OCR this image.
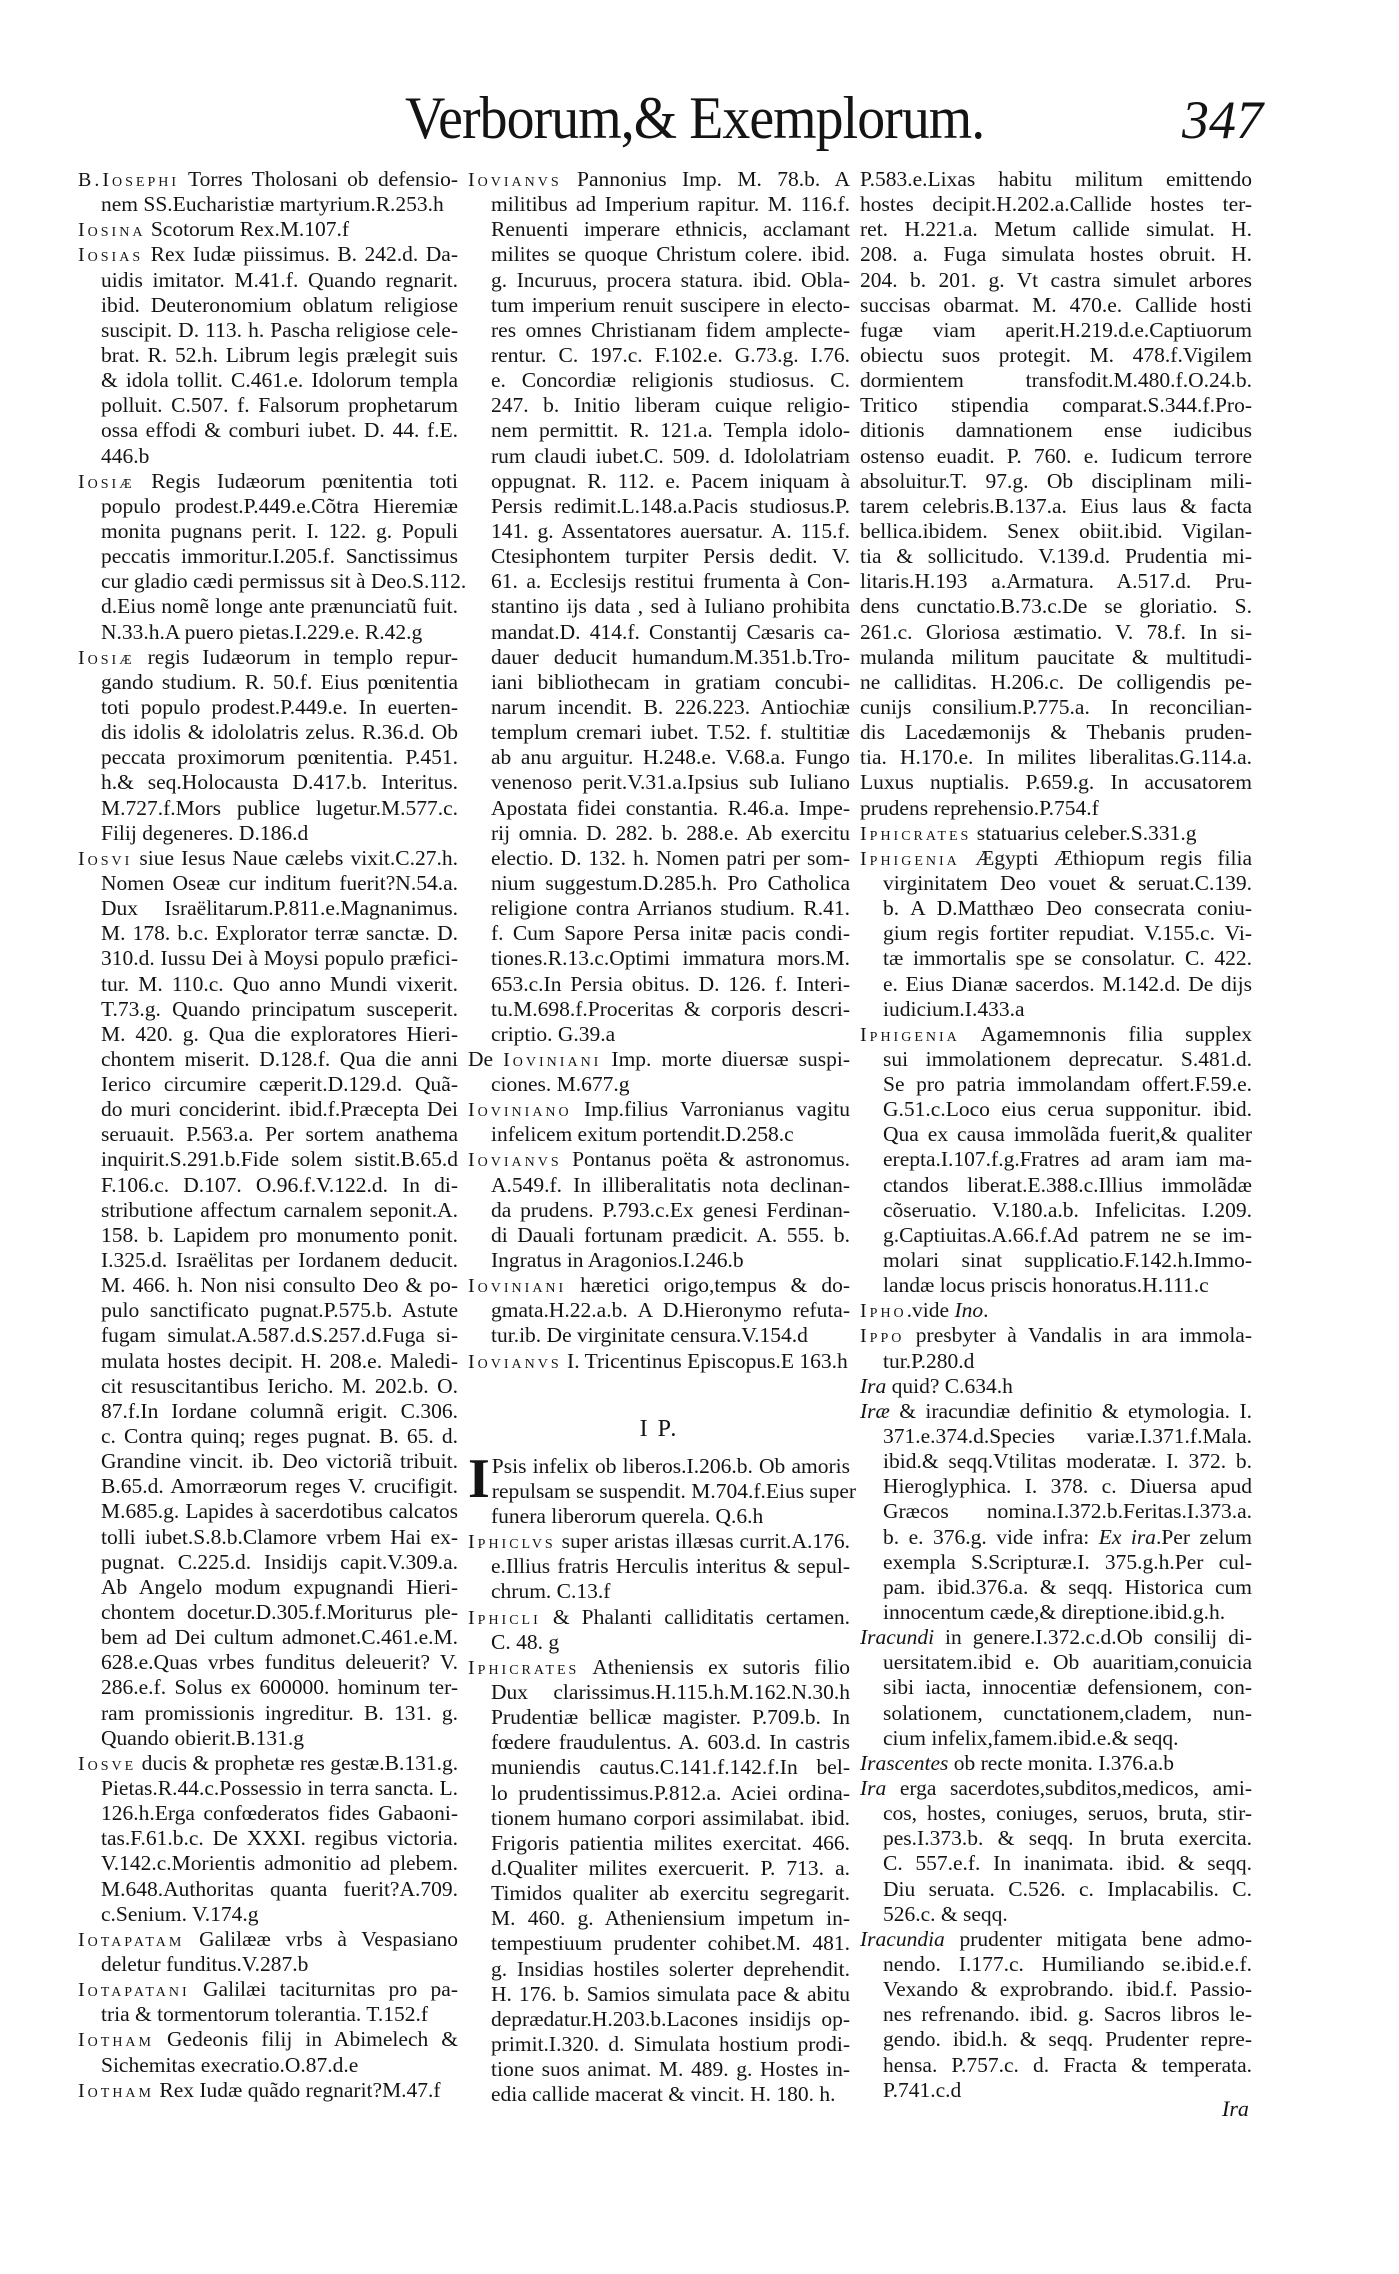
Verborum,& Exemplorum.	347
B.Iosephi Torres Tholosani ob defensio-
nem SS.Eucharistiæ martyrium.R.253.h
Iosina Scotorum Rex.M.107.f
Iosias Rex Iudæ piissimus. B. 242.d. Da-
uidis imitator. M.41.f. Quando regnarit.
ibid. Deuteronomium oblatum religiose
suscipit. D. 113. h. Pascha religiose cele-
brat. R. 52.h. Librum legis prælegit suis
& idola tollit. C.461.e. Idolorum templa
polluit. C.507. f. Falsorum prophetarum
ossa effodi & comburi iubet. D. 44. f.E.
446.b
Iosiæ Regis Iudæorum pœnitentia toti
populo prodest.P.449.e.Cõtra Hieremiæ
monita pugnans perit. I. 122. g. Populi
peccatis immoritur.I.205.f. Sanctissimus
cur gladio cædi permissus sit à Deo.S.112.
d.Eius nomẽ longe ante prænunciatũ fuit.
N.33.h.A puero pietas.I.229.e. R.42.g
Iosiæ regis Iudæorum in templo repur-
gando studium. R. 50.f. Eius pœnitentia
toti populo prodest.P.449.e. In euerten-
dis idolis & idololatris zelus. R.36.d. Ob
peccata proximorum pœnitentia. P.451.
h.& seq.Holocausta D.417.b. Interitus.
M.727.f.Mors publice lugetur.M.577.c.
Filij degeneres. D.186.d
Iosvi siue Iesus Naue cælebs vixit.C.27.h.
Nomen Oseæ cur inditum fuerit?N.54.a.
Dux Israëlitarum.P.811.e.Magnanimus.
M. 178. b.c. Explorator terræ sanctæ. D.
310.d. Iussu Dei à Moysi populo præfici-
tur. M. 110.c. Quo anno Mundi vixerit.
T.73.g. Quando principatum susceperit.
M. 420. g. Qua die exploratores Hieri-
chontem miserit. D.128.f. Qua die anni
Ierico circumire cæperit.D.129.d. Quã-
do muri conciderint. ibid.f.Præcepta Dei
seruauit. P.563.a. Per sortem anathema
inquirit.S.291.b.Fide solem sistit.B.65.d
F.106.c. D.107. O.96.f.V.122.d. In di-
stributione affectum carnalem seponit.A.
158. b. Lapidem pro monumento ponit.
I.325.d. Israëlitas per Iordanem deducit.
M. 466. h. Non nisi consulto Deo & po-
pulo sanctificato pugnat.P.575.b. Astute
fugam simulat.A.587.d.S.257.d.Fuga si-
mulata hostes decipit. H. 208.e. Maledi-
cit resuscitantibus Iericho. M. 202.b. O.
87.f.In Iordane columnã erigit. C.306.
c. Contra quinq; reges pugnat. B. 65. d.
Grandine vincit. ib. Deo victoriã tribuit.
B.65.d. Amorræorum reges V. crucifigit.
M.685.g. Lapides à sacerdotibus calcatos
tolli iubet.S.8.b.Clamore vrbem Hai ex-
pugnat. C.225.d. Insidijs capit.V.309.a.
Ab Angelo modum expugnandi Hieri-
chontem docetur.D.305.f.Moriturus ple-
bem ad Dei cultum admonet.C.461.e.M.
628.e.Quas vrbes funditus deleuerit? V.
286.e.f. Solus ex 600000. hominum ter-
ram promissionis ingreditur. B. 131. g.
Quando obierit.B.131.g
Iosve ducis & prophetæ res gestæ.B.131.g.
Pietas.R.44.c.Possessio in terra sancta. L.
126.h.Erga confœderatos fides Gabaoni-
tas.F.61.b.c. De XXXI. regibus victoria.
V.142.c.Morientis admonitio ad plebem.
M.648.Authoritas quanta fuerit?A.709.
c.Senium. V.174.g
Iotapatam Galilææ vrbs à Vespasiano
deletur funditus.V.287.b
Iotapatani Galilæi taciturnitas pro pa-
tria & tormentorum tolerantia. T.152.f
Iotham Gedeonis filij in Abimelech &
Sichemitas execratio.O.87.d.e
Iotham Rex Iudæ quãdo regnarit?M.47.f
Iovianvs Pannonius Imp. M. 78.b. A
militibus ad Imperium rapitur. M. 116.f.
Renuenti imperare ethnicis, acclamant
milites se quoque Christum colere. ibid.
g. Incuruus, procera statura. ibid. Obla-
tum imperium renuit suscipere in electo-
res omnes Christianam fidem amplecte-
rentur. C. 197.c. F.102.e. G.73.g. I.76.
e. Concordiæ religionis studiosus. C.
247. b. Initio liberam cuique religio-
nem permittit. R. 121.a. Templa idolo-
rum claudi iubet.C. 509. d. Idololatriam
oppugnat. R. 112. e. Pacem iniquam à
Persis redimit.L.148.a.Pacis studiosus.P.
141. g. Assentatores auersatur. A. 115.f.
Ctesiphontem turpiter Persis dedit. V.
61. a. Ecclesijs restitui frumenta à Con-
stantino ijs data , sed à Iuliano prohibita
mandat.D. 414.f. Constantij Cæsaris ca-
dauer deducit humandum.M.351.b.Tro-
iani bibliothecam in gratiam concubi-
narum incendit. B. 226.223. Antiochiæ
templum cremari iubet. T.52. f. stultitiæ
ab anu arguitur. H.248.e. V.68.a. Fungo
venenoso perit.V.31.a.Ipsius sub Iuliano
Apostata fidei constantia. R.46.a. Impe-
rij omnia. D. 282. b. 288.e. Ab exercitu
electio. D. 132. h. Nomen patri per som-
nium suggestum.D.285.h. Pro Catholica
religione contra Arrianos studium. R.41.
f. Cum Sapore Persa initæ pacis condi-
tiones.R.13.c.Optimi immatura mors.M.
653.c.In Persia obitus. D. 126. f. Interi-
tu.M.698.f.Proceritas & corporis descri-
criptio. G.39.a
De Ioviniani Imp. morte diuersæ suspi-
ciones. M.677.g
Ioviniano Imp.filius Varronianus vagitu
infelicem exitum portendit.D.258.c
Iovianvs Pontanus poëta & astronomus.
A.549.f. In illiberalitatis nota declinan-
da prudens. P.793.c.Ex genesi Ferdinan-
di Dauali fortunam prædicit. A. 555. b.
Ingratus in Aragonios.I.246.b
Ioviniani hæretici origo,tempus & do-
gmata.H.22.a.b. A D.Hieronymo refuta-
tur.ib. De virginitate censura.V.154.d
Iovianvs I. Tricentinus Episcopus.E 163.h
I P.
I Psis infelix ob liberos.I.206.b. Ob amoris
repulsam se suspendit. M.704.f.Eius super
funera liberorum querela. Q.6.h
Iphiclvs super aristas illæsas currit.A.176.
e.Illius fratris Herculis interitus & sepul-
chrum. C.13.f
Iphicli & Phalanti calliditatis certamen.
C. 48. g
Iphicrates Atheniensis ex sutoris filio
Dux clarissimus.H.115.h.M.162.N.30.h
Prudentiæ bellicæ magister. P.709.b. In
fœdere fraudulentus. A. 603.d. In castris
muniendis cautus.C.141.f.142.f.In bel-
lo prudentissimus.P.812.a. Aciei ordina-
tionem humano corpori assimilabat. ibid.
Frigoris patientia milites exercitat. 466.
d.Qualiter milites exercuerit. P. 713. a.
Timidos qualiter ab exercitu segregarit.
M. 460. g. Atheniensium impetum in-
tempestiuum prudenter cohibet.M. 481.
g. Insidias hostiles solerter deprehendit.
H. 176. b. Samios simulata pace & abitu
deprædatur.H.203.b.Lacones insidijs op-
primit.I.320. d. Simulata hostium prodi-
tione suos animat. M. 489. g. Hostes in-
edia callide macerat & vincit. H. 180. h.
P.583.e.Lixas habitu militum emittendo
hostes decipit.H.202.a.Callide hostes ter-
ret. H.221.a. Metum callide simulat. H.
208. a. Fuga simulata hostes obruit. H.
204. b. 201. g. Vt castra simulet arbores
succisas obarmat. M. 470.e. Callide hosti
fugæ viam aperit.H.219.d.e.Captiuorum
obiectu suos protegit. M. 478.f.Vigilem
dormientem transfodit.M.480.f.O.24.b.
Tritico stipendia comparat.S.344.f.Pro-
ditionis damnationem ense iudicibus
ostenso euadit. P. 760. e. Iudicum terrore
absoluitur.T. 97.g. Ob disciplinam mili-
tarem celebris.B.137.a. Eius laus & facta
bellica.ibidem. Senex obiit.ibid. Vigilan-
tia & sollicitudo. V.139.d. Prudentia mi-
litaris.H.193 a.Armatura. A.517.d. Pru-
dens cunctatio.B.73.c.De se gloriatio. S.
261.c. Gloriosa æstimatio. V. 78.f. In si-
mulanda militum paucitate & multitudi-
ne calliditas. H.206.c. De colligendis pe-
cunijs consilium.P.775.a. In reconcilian-
dis Lacedæmonijs & Thebanis pruden-
tia. H.170.e. In milites liberalitas.G.114.a.
Luxus nuptialis. P.659.g. In accusatorem
prudens reprehensio.P.754.f
Iphicrates statuarius celeber.S.331.g
Iphigenia Ægypti Æthiopum regis filia
virginitatem Deo vouet & seruat.C.139.
b. A D.Matthæo Deo consecrata coniu-
gium regis fortiter repudiat. V.155.c. Vi-
tæ immortalis spe se consolatur. C. 422.
e. Eius Dianæ sacerdos. M.142.d. De dijs
iudicium.I.433.a
Iphigenia Agamemnonis filia supplex
sui immolationem deprecatur. S.481.d.
Se pro patria immolandam offert.F.59.e.
G.51.c.Loco eius cerua supponitur. ibid.
Qua ex causa immolãda fuerit,& qualiter
erepta.I.107.f.g.Fratres ad aram iam ma-
ctandos liberat.E.388.c.Illius immolãdæ
cõseruatio. V.180.a.b. Infelicitas. I.209.
g.Captiuitas.A.66.f.Ad patrem ne se im-
molari sinat supplicatio.F.142.h.Immo-
landæ locus priscis honoratus.H.111.c
Ipho.vide Ino.
Ippo presbyter à Vandalis in ara immola-
tur.P.280.d
Ira quid? C.634.h
Iræ & iracundiæ definitio & etymologia. I.
371.e.374.d.Species variæ.I.371.f.Mala.
ibid.& seqq.Vtilitas moderatæ. I. 372. b.
Hieroglyphica. I. 378. c. Diuersa apud
Græcos nomina.I.372.b.Feritas.I.373.a.
b. e. 376.g. vide infra: Ex ira.Per zelum
exempla S.Scripturæ.I. 375.g.h.Per cul-
pam. ibid.376.a. & seqq. Historica cum
innocentum cæde,& direptione.ibid.g.h.
Iracundi in genere.I.372.c.d.Ob consilij di-
uersitatem.ibid e. Ob auaritiam,conuicia
sibi iacta, innocentiæ defensionem, con-
solationem, cunctationem,cladem, nun-
cium infelix,famem.ibid.e.& seqq.
Irascentes ob recte monita. I.376.a.b
Ira erga sacerdotes,subditos,medicos, ami-
cos, hostes, coniuges, seruos, bruta, stir-
pes.I.373.b. & seqq. In bruta exercita.
C. 557.e.f. In inanimata. ibid. & seqq.
Diu seruata. C.526. c. Implacabilis. C.
526.c. & seqq.
Iracundia prudenter mitigata bene admo-
nendo. I.177.c. Humiliando se.ibid.e.f.
Vexando & exprobrando. ibid.f. Passio-
nes refrenando. ibid. g. Sacros libros le-
gendo. ibid.h. & seqq. Prudenter repre-
hensa. P.757.c. d. Fracta & temperata.
P.741.c.d
Ira
